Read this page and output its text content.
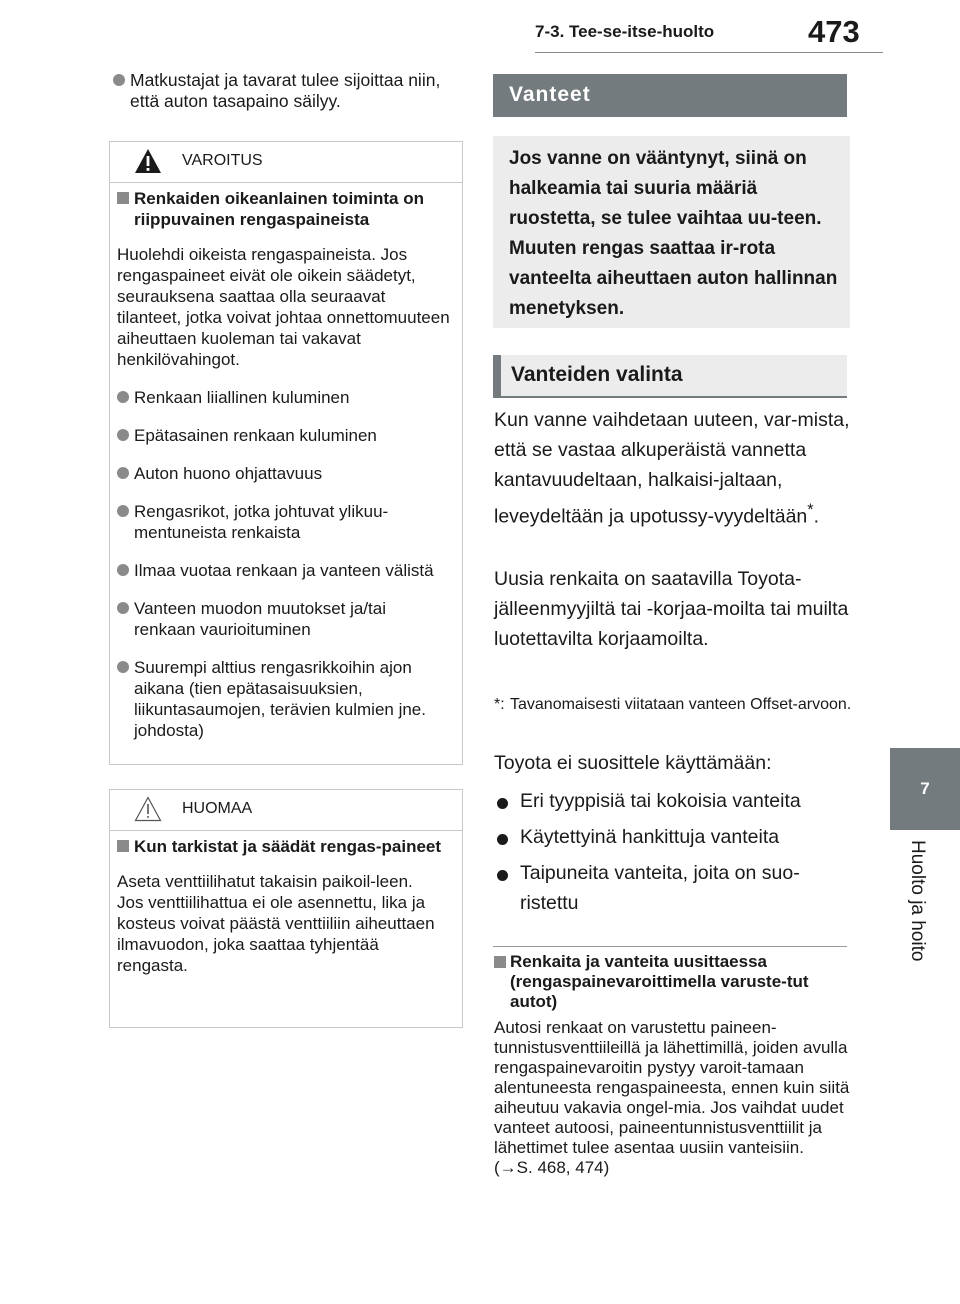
7-3. Tee-se-itse-huolto	473
7
Huolto ja hoito
Matkustajat ja tavarat tulee sijoittaa niin, että auton tasapaino säilyy.
VAROITUS
Renkaiden oikeanlainen toiminta on riippuvainen rengaspaineista
Huolehdi oikeista rengaspaineista. Jos rengaspaineet eivät ole oikein säädetyt, seurauksena saattaa olla seuraavat tilanteet, jotka voivat johtaa onnettomuuteen aiheuttaen kuoleman tai vakavat henkilövahingot.
Renkaan liiallinen kuluminen
Epätasainen renkaan kuluminen
Auton huono ohjattavuus
Rengasrikot, jotka johtuvat ylikuu-mentuneista renkaista
Ilmaa vuotaa renkaan ja vanteen välistä
Vanteen muodon muutokset ja/tai renkaan vaurioituminen
Suurempi alttius rengasrikkoihin ajon aikana (tien epätasaisuuksien, liikuntasaumojen, terävien kulmien jne. johdosta)
HUOMAA
Kun tarkistat ja säädät rengas-paineet
Aseta venttiilihatut takaisin paikoil-leen.
Jos venttiilihattua ei ole asennettu, lika ja kosteus voivat päästä venttiiliin aiheuttaen ilmavuodon, joka saattaa tyhjentää rengasta.
Vanteet
Jos vanne on vääntynyt, siinä on halkeamia tai suuria määriä ruostetta, se tulee vaihtaa uu-teen. Muuten rengas saattaa ir-rota vanteelta aiheuttaen auton hallinnan menetyksen.
Vanteiden valinta
Kun vanne vaihdetaan uuteen, var-mista, että se vastaa alkuperäistä vannetta kantavuudeltaan, halkaisi-jaltaan, leveydeltään ja upotussy-vyydeltään*.
Uusia renkaita on saatavilla Toyota-jälleenmyyjiltä tai -korjaa-moilta tai muilta luotettavilta korjaamoilta.
*: Tavanomaisesti viitataan vanteen Offset-arvoon.
Toyota ei suosittele käyttämään:
Eri tyyppisiä tai kokoisia vanteita
Käytettyinä hankittuja vanteita
Taipuneita vanteita, joita on suo-ristettu
Renkaita ja vanteita uusittaessa (rengaspainevaroittimella varuste-tut autot)
Autosi renkaat on varustettu paineen-tunnistusventtiileillä ja lähettimillä, joiden avulla rengaspainevaroitin pystyy varoit-tamaan alentuneesta rengaspaineesta, ennen kuin siitä aiheutuu vakavia ongel-mia. Jos vaihdat uudet vanteet autoosi, paineentunnistusventtiilit ja lähettimet tulee asentaa uusiin vanteisiin.
(→S. 468, 474)
